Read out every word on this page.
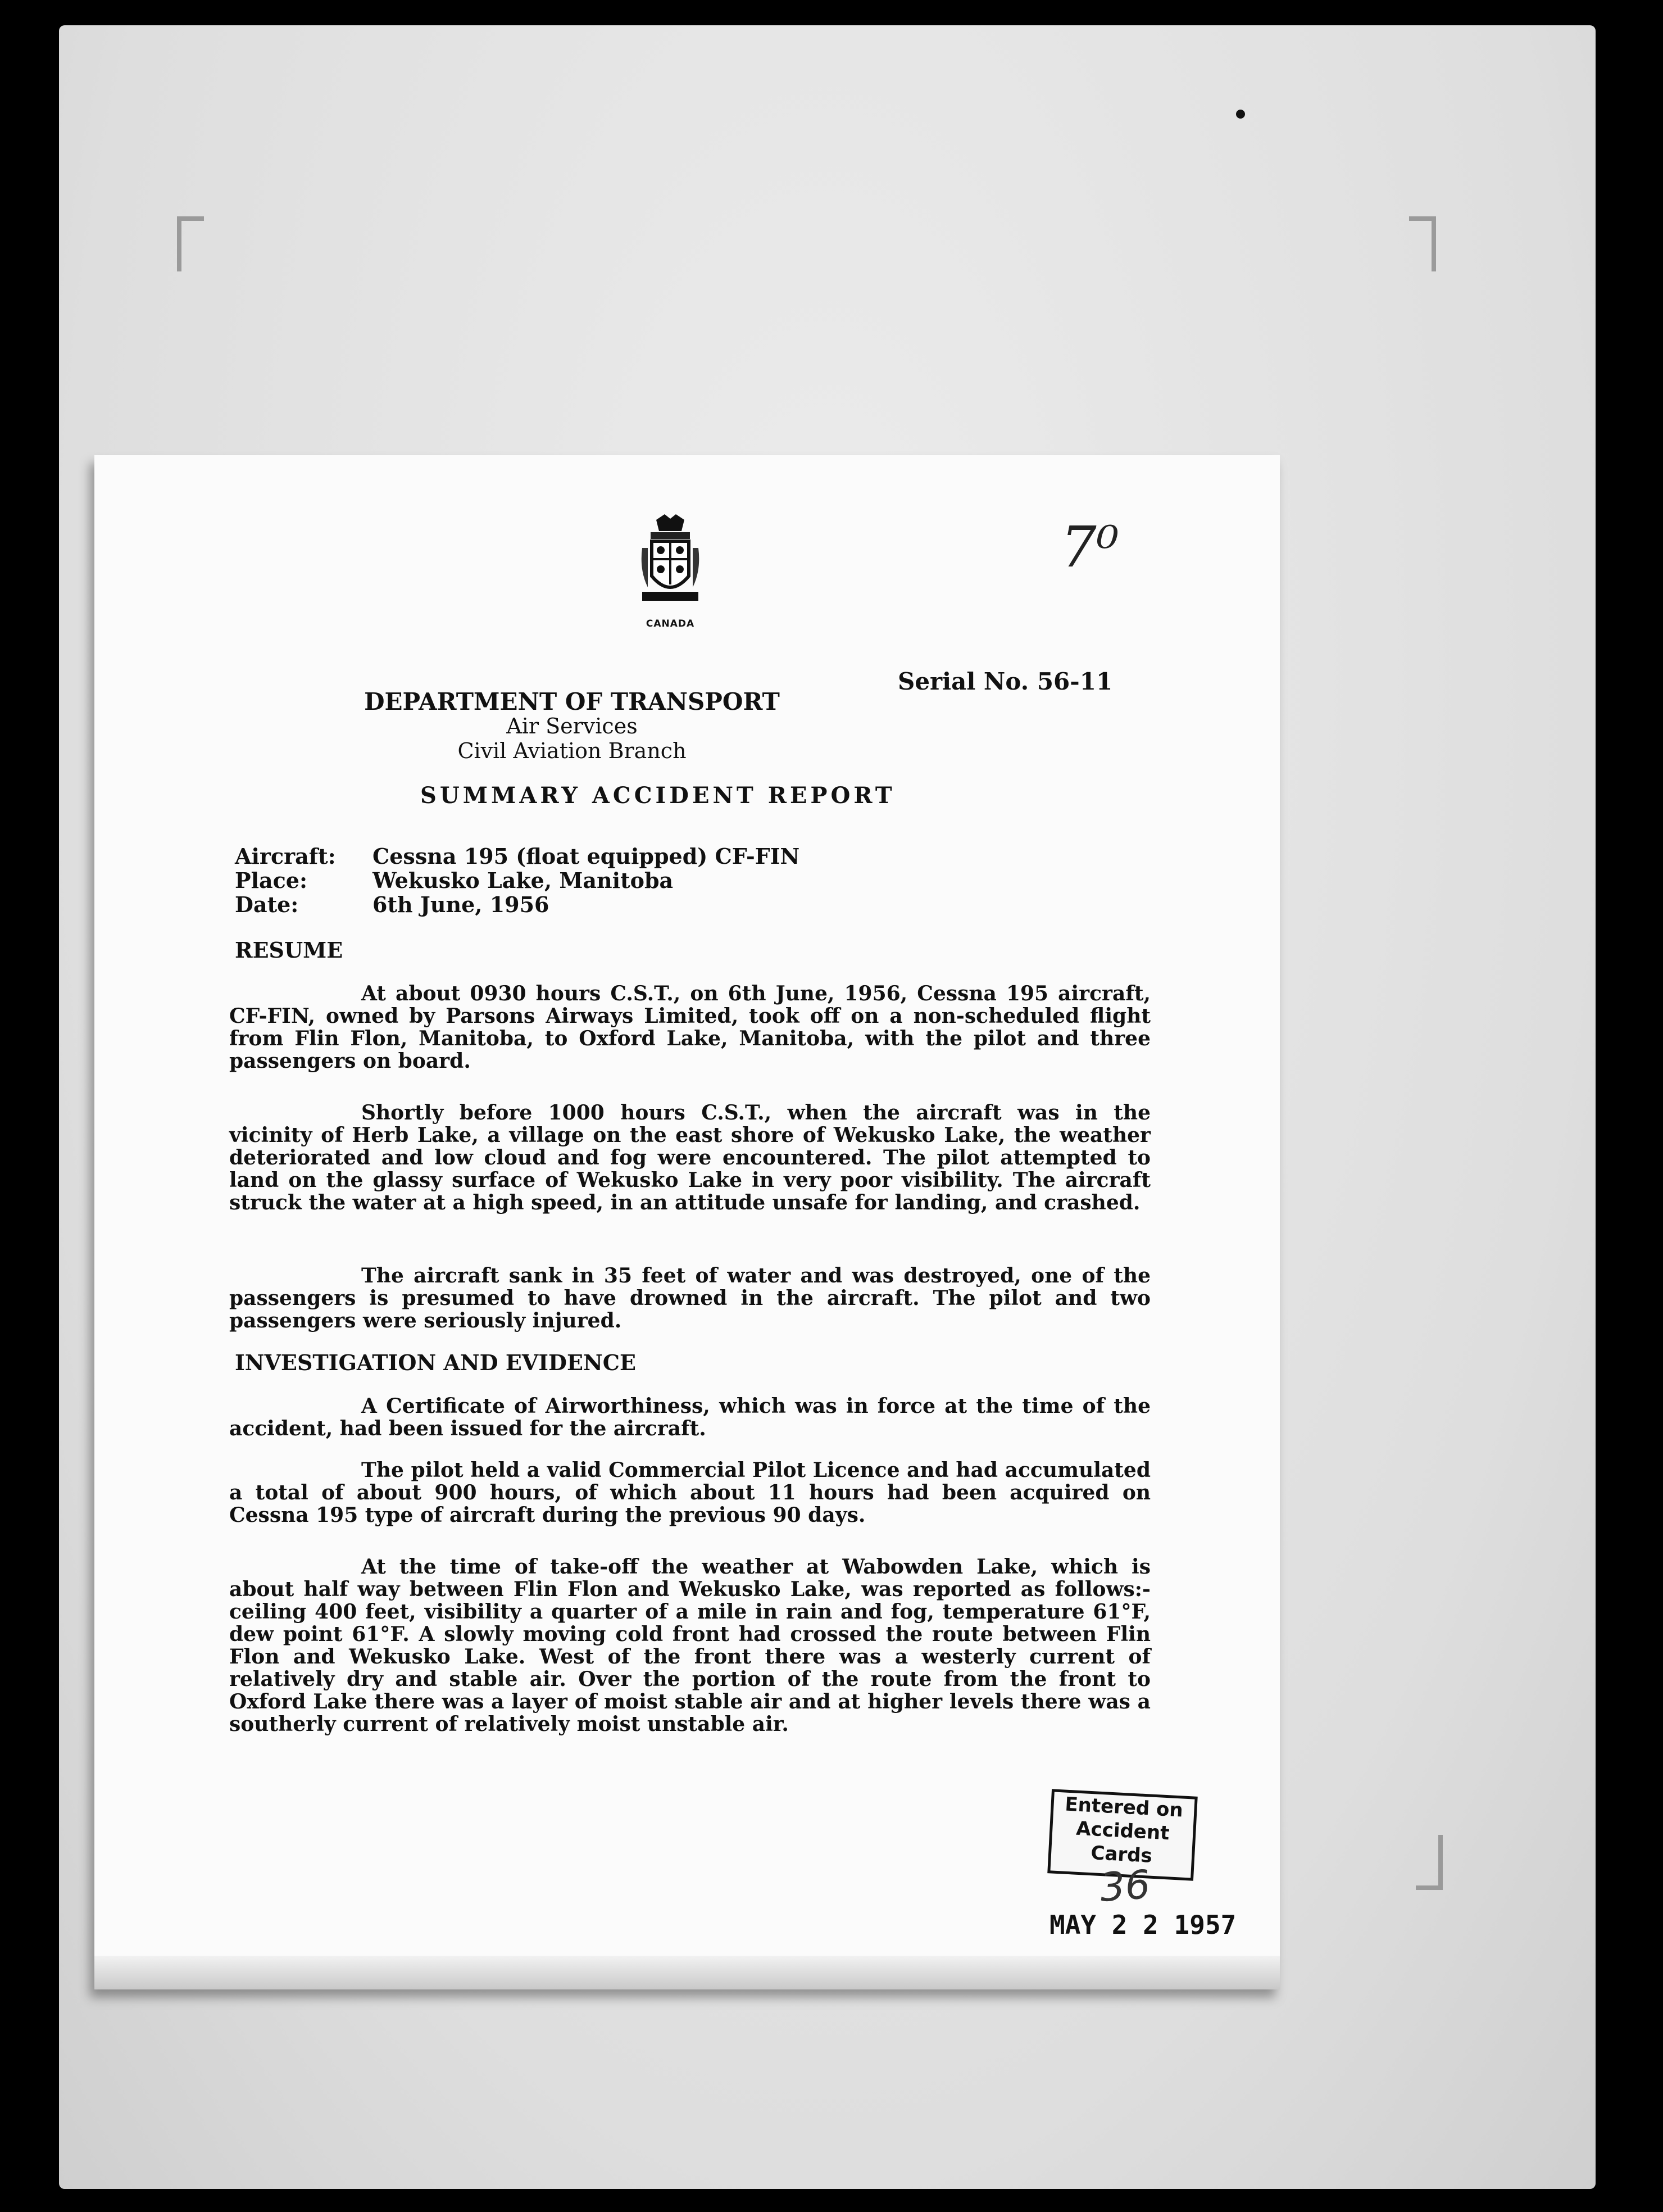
CANADA
7⁰
Serial No. 56-11
DEPARTMENT OF TRANSPORT
Air Services
Civil Aviation Branch
SUMMARY ACCIDENT REPORT
Aircraft:	Cessna 195 (float equipped) CF-FIN
Place:	Wekusko Lake, Manitoba
Date:	6th June, 1956
RESUME
At about 0930 hours C.S.T., on 6th June, 1956, Cessna 195 aircraft, CF-FIN, owned by Parsons Airways Limited, took off on a non-scheduled flight from Flin Flon, Manitoba, to Oxford Lake, Manitoba, with the pilot and three passengers on board.
Shortly before 1000 hours C.S.T., when the aircraft was in the vicinity of Herb Lake, a village on the east shore of Wekusko Lake, the weather deteriorated and low cloud and fog were encountered. The pilot attempted to land on the glassy surface of Wekusko Lake in very poor visibility. The aircraft struck the water at a high speed, in an attitude unsafe for landing, and crashed.
The aircraft sank in 35 feet of water and was destroyed, one of the passengers is presumed to have drowned in the aircraft. The pilot and two passengers were seriously injured.
INVESTIGATION AND EVIDENCE
A Certificate of Airworthiness, which was in force at the time of the accident, had been issued for the aircraft.
The pilot held a valid Commercial Pilot Licence and had accumulated a total of about 900 hours, of which about 11 hours had been acquired on Cessna 195 type of aircraft during the previous 90 days.
At the time of take-off the weather at Wabowden Lake, which is about half way between Flin Flon and Wekusko Lake, was reported as follows:- ceiling 400 feet, visibility a quarter of a mile in rain and fog, temperature 61°F, dew point 61°F. A slowly moving cold front had crossed the route between Flin Flon and Wekusko Lake. West of the front there was a westerly current of relatively dry and stable air. Over the portion of the route from the front to Oxford Lake there was a layer of moist stable air and at higher levels there was a southerly current of relatively moist unstable air.
Entered on
Accident
Cards
36
MAY 2 2 1957
